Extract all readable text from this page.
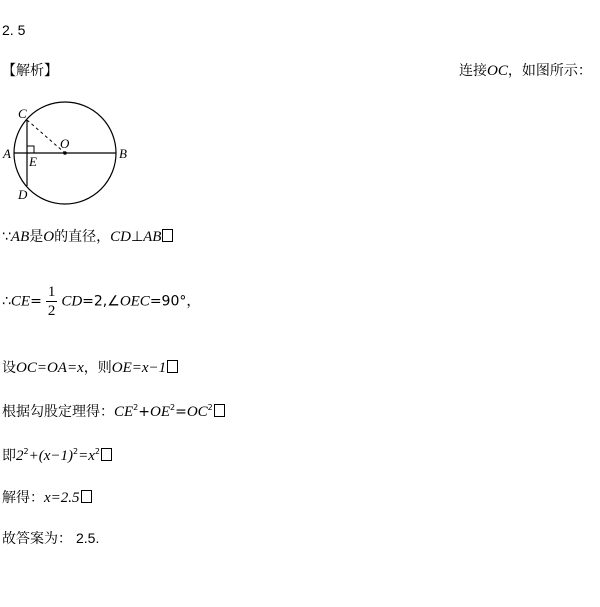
2. 5
【解析】	连接OC，如图所示：
C
O
A
E
B
D
∵AB是O的直径，CD⊥AB
∴CE= $\frac{1}{2}$ CD=2,∠OEC=90°，
设OC=OA=x，则OE=x−1
根据勾股定理得：$CE^2+OE^2=OC^2$
即$2^2+(x-1)^2=x^2$
解得：x=2.5
故答案为： 2.5.
